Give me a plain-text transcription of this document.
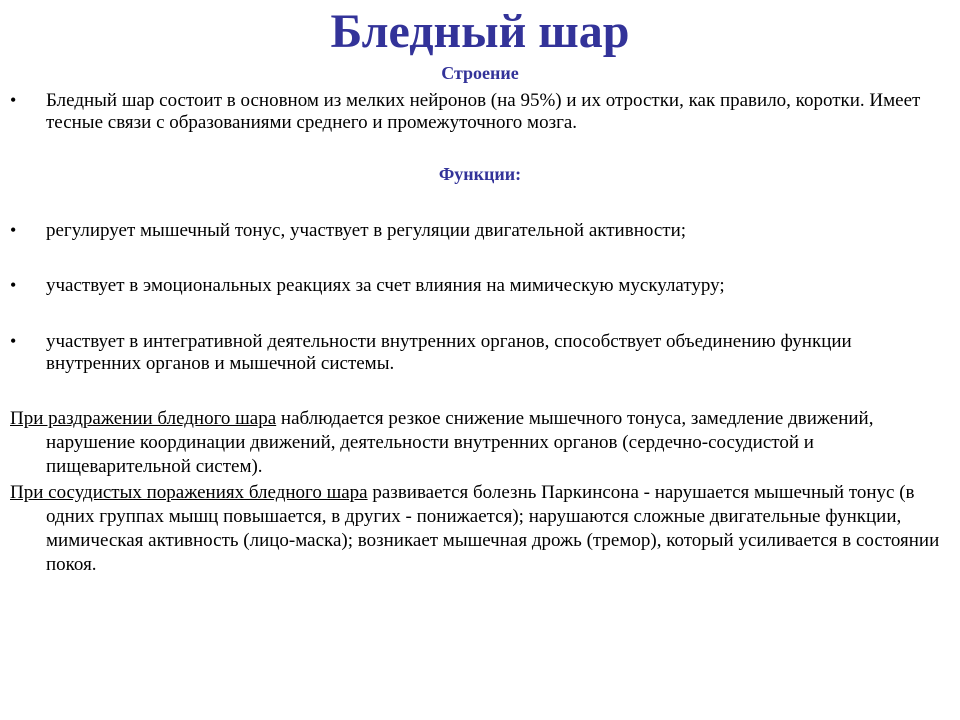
Бледный шар
Строение
• Бледный шар состоит в основном из мелких нейронов (на 95%) и их отростки, как правило, коротки. Имеет тесные связи с образованиями среднего и промежуточного мозга.
Функции:
• регулирует мышечный тонус, участвует в регуляции двигательной активности;
• участвует в эмоциональных реакциях за счет влияния на мимическую мускулатуру;
• участвует в интегративной деятельности внутренних органов, способствует объединению функции внутренних органов и мышечной системы.
При раздражении бледного шара наблюдается резкое снижение мышечного тонуса, замедление движений, нарушение координации движений, деятельности внутренних органов (сердечно-сосудистой и пищеварительной систем).
При сосудистых поражениях бледного шара развивается болезнь Паркинсона - нарушается мышечный тонус (в одних группах мышц повышается, в других - понижается); нарушаются сложные двигательные функции, мимическая активность (лицо-маска); возникает мышечная дрожь (тремор), который усиливается в состоянии покоя.
